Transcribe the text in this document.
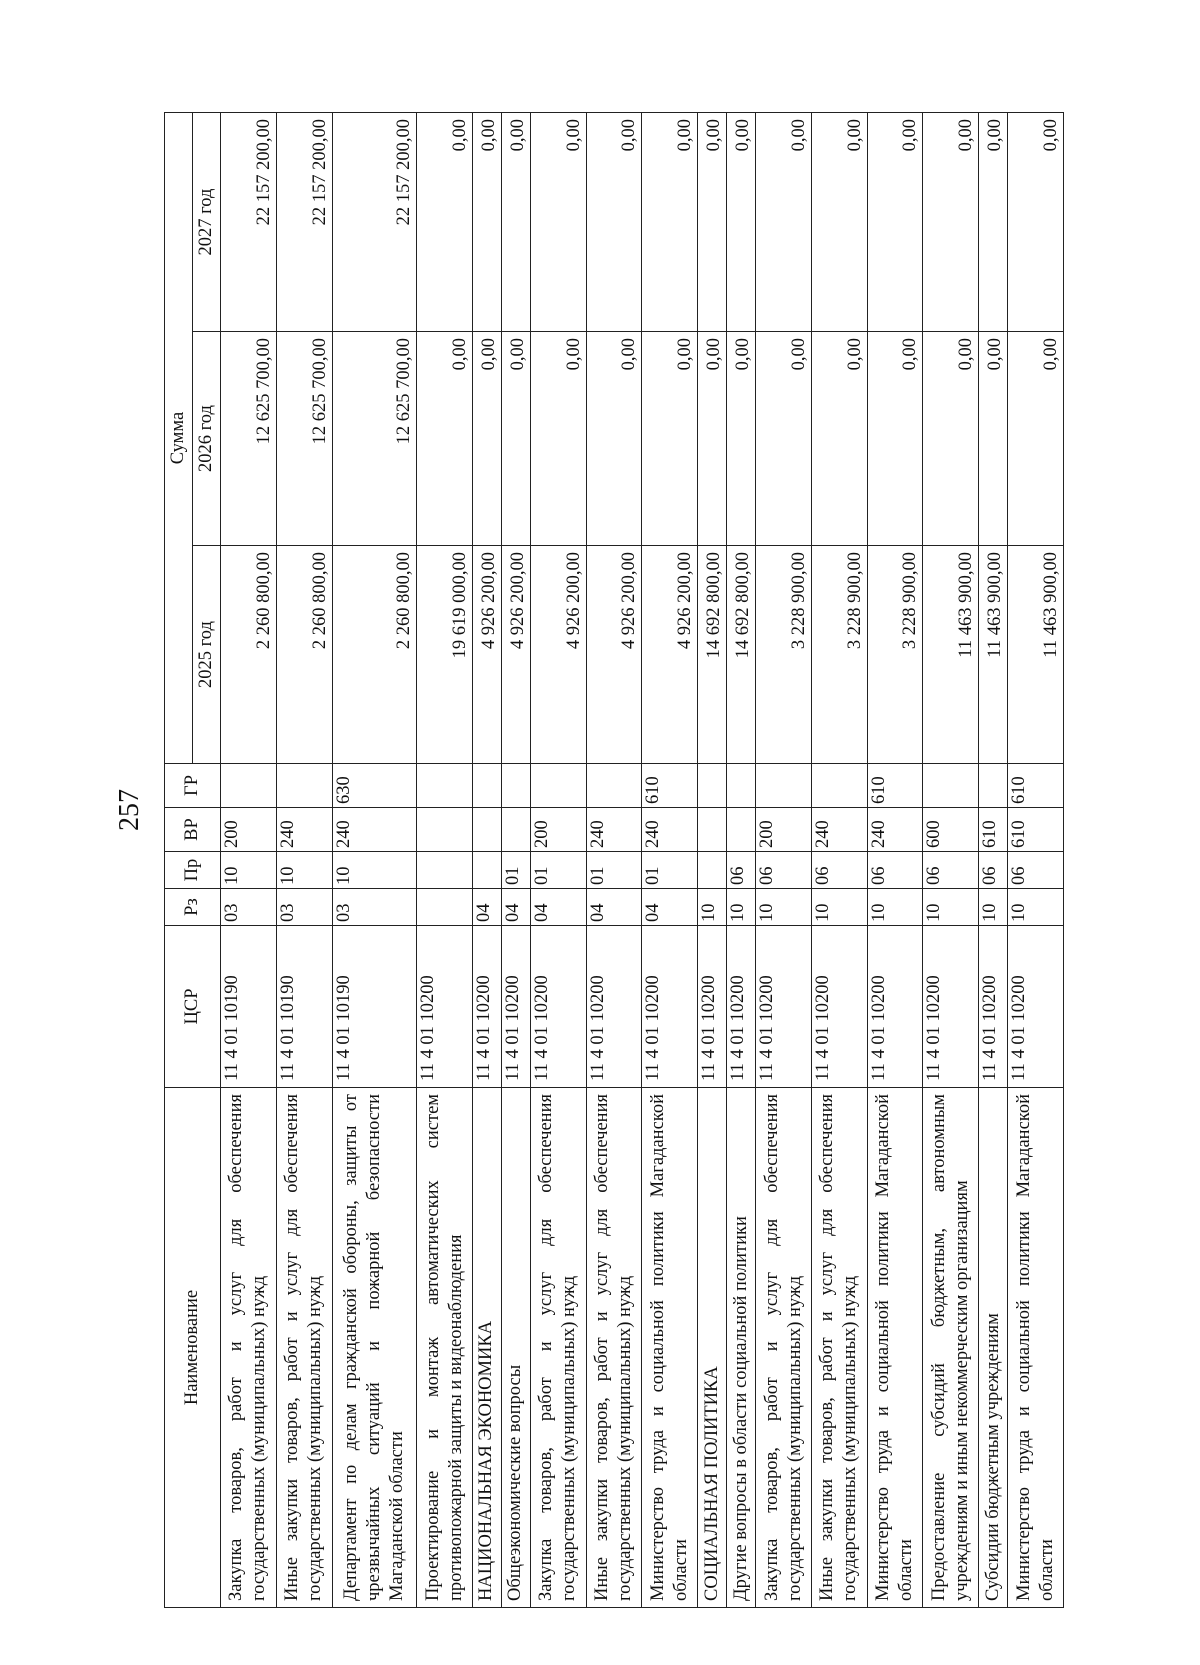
257
Наименование	ЦСР	Рз	Пр	ВР	ГР	Сумма		
						2025 год	2026 год	2027 год
Закупка товаров, работ и услуг для обеспечения государственных (муниципальных) нужд	11 4 01 10190	03	10	200		2 260 800,00	12 625 700,00	22 157 200,00
Иные закупки товаров, работ и услуг для обеспечения государственных (муниципальных) нужд	11 4 01 10190	03	10	240		2 260 800,00	12 625 700,00	22 157 200,00
Департамент по делам гражданской обороны, защиты от чрезвычайных ситуаций и пожарной безопасности Магаданской области	11 4 01 10190	03	10	240	630	2 260 800,00	12 625 700,00	22 157 200,00
Проектирование и монтаж автоматических систем противопожарной защиты и видеонаблюдения	11 4 01 10200					19 619 000,00	0,00	0,00
НАЦИОНАЛЬНАЯ ЭКОНОМИКА	11 4 01 10200	04				4 926 200,00	0,00	0,00
Общеэкономические вопросы	11 4 01 10200	04	01			4 926 200,00	0,00	0,00
Закупка товаров, работ и услуг для обеспечения государственных (муниципальных) нужд	11 4 01 10200	04	01	200		4 926 200,00	0,00	0,00
Иные закупки товаров, работ и услуг для обеспечения государственных (муниципальных) нужд	11 4 01 10200	04	01	240		4 926 200,00	0,00	0,00
Министерство труда и социальной политики Магаданской области	11 4 01 10200	04	01	240	610	4 926 200,00	0,00	0,00
СОЦИАЛЬНАЯ ПОЛИТИКА	11 4 01 10200	10				14 692 800,00	0,00	0,00
Другие вопросы в области социальной политики	11 4 01 10200	10	06			14 692 800,00	0,00	0,00
Закупка товаров, работ и услуг для обеспечения государственных (муниципальных) нужд	11 4 01 10200	10	06	200		3 228 900,00	0,00	0,00
Иные закупки товаров, работ и услуг для обеспечения государственных (муниципальных) нужд	11 4 01 10200	10	06	240		3 228 900,00	0,00	0,00
Министерство труда и социальной политики Магаданской области	11 4 01 10200	10	06	240	610	3 228 900,00	0,00	0,00
Предоставление субсидий бюджетным, автономным учреждениям и иным некоммерческим организациям	11 4 01 10200	10	06	600		11 463 900,00	0,00	0,00
Субсидии бюджетным учреждениям	11 4 01 10200	10	06	610		11 463 900,00	0,00	0,00
Министерство труда и социальной политики Магаданской области	11 4 01 10200	10	06	610	610	11 463 900,00	0,00	0,00
